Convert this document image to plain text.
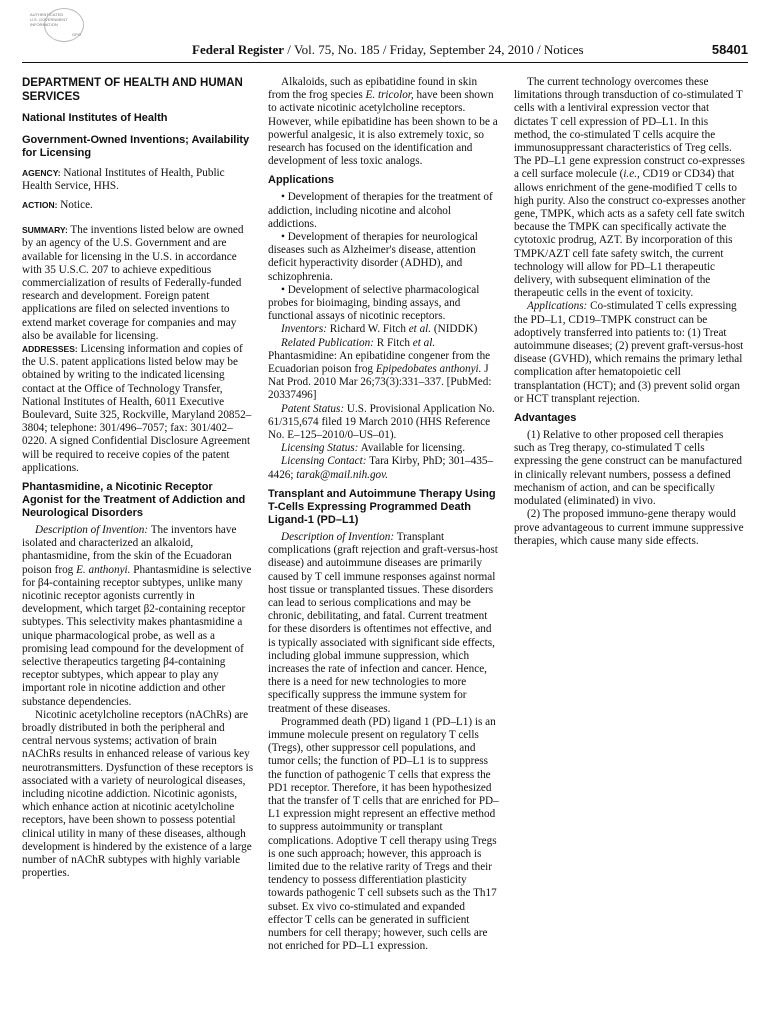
AUTHENTICATED
U.S. GOVERNMENT
INFORMATION
GPO
Federal Register / Vol. 75, No. 185 / Friday, September 24, 2010 / Notices	58401

DEPARTMENT OF HEALTH AND HUMAN SERVICES

National Institutes of Health

Government-Owned Inventions; Availability for Licensing

AGENCY: National Institutes of Health, Public Health Service, HHS.

ACTION: Notice.

SUMMARY: The inventions listed below are owned by an agency of the U.S. Government and are available for licensing in the U.S. in accordance with 35 U.S.C. 207 to achieve expeditious commercialization of results of Federally-funded research and development. Foreign patent applications are filed on selected inventions to extend market coverage for companies and may also be available for licensing.

ADDRESSES: Licensing information and copies of the U.S. patent applications listed below may be obtained by writing to the indicated licensing contact at the Office of Technology Transfer, National Institutes of Health, 6011 Executive Boulevard, Suite 325, Rockville, Maryland 20852–3804; telephone: 301/496–7057; fax: 301/402–0220. A signed Confidential Disclosure Agreement will be required to receive copies of the patent applications.

Phantasmidine, a Nicotinic Receptor Agonist for the Treatment of Addiction and Neurological Disorders

Description of Invention: The inventors have isolated and characterized an alkaloid, phantasmidine, from the skin of the Ecuadoran poison frog E. anthonyi. Phantasmidine is selective for β4-containing receptor subtypes, unlike many nicotinic receptor agonists currently in development, which target β2-containing receptor subtypes. This selectivity makes phantasmidine a unique pharmacological probe, as well as a promising lead compound for the development of selective therapeutics targeting β4-containing receptor subtypes, which appear to play any important role in nicotine addiction and other substance dependencies.

Nicotinic acetylcholine receptors (nAChRs) are broadly distributed in both the peripheral and central nervous systems; activation of brain nAChRs results in enhanced release of various key neurotransmitters. Dysfunction of these receptors is associated with a variety of neurological diseases, including nicotine addiction. Nicotinic agonists, which enhance action at nicotinic acetylcholine receptors, have been shown to possess potential clinical utility in many of these diseases, although development is hindered by the existence of a large number of nAChR subtypes with highly variable properties.

Alkaloids, such as epibatidine found in skin from the frog species E. tricolor, have been shown to activate nicotinic acetylcholine receptors. However, while epibatidine has been shown to be a powerful analgesic, it is also extremely toxic, so research has focused on the identification and development of less toxic analogs.

Applications

• Development of therapies for the treatment of addiction, including nicotine and alcohol addictions.

• Development of therapies for neurological diseases such as Alzheimer's disease, attention deficit hyperactivity disorder (ADHD), and schizophrenia.

• Development of selective pharmacological probes for bioimaging, binding assays, and functional assays of nicotinic receptors.

Inventors: Richard W. Fitch et al. (NIDDK)

Related Publication: R Fitch et al. Phantasmidine: An epibatidine congener from the Ecuadorian poison frog Epipedobates anthonyi. J Nat Prod. 2010 Mar 26;73(3):331–337. [PubMed: 20337496]

Patent Status: U.S. Provisional Application No. 61/315,674 filed 19 March 2010 (HHS Reference No. E–125–2010/0–US–01).

Licensing Status: Available for licensing.

Licensing Contact: Tara Kirby, PhD; 301–435–4426; tarak@mail.nih.gov.

Transplant and Autoimmune Therapy Using T-Cells Expressing Programmed Death Ligand-1 (PD–L1)

Description of Invention: Transplant complications (graft rejection and graft-versus-host disease) and autoimmune diseases are primarily caused by T cell immune responses against normal host tissue or transplanted tissues. These disorders can lead to serious complications and may be chronic, debilitating, and fatal. Current treatment for these disorders is oftentimes not effective, and is typically associated with significant side effects, including global immune suppression, which increases the rate of infection and cancer. Hence, there is a need for new technologies to more specifically suppress the immune system for treatment of these diseases.

Programmed death (PD) ligand 1 (PD–L1) is an immune molecule present on regulatory T cells (Tregs), other suppressor cell populations, and tumor cells; the function of PD–L1 is to suppress the function of pathogenic T cells that express the PD1 receptor. Therefore, it has been hypothesized that the transfer of T cells that are enriched for PD–L1 expression might represent an effective method to suppress autoimmunity or transplant complications. Adoptive T cell therapy using Tregs is one such approach; however, this approach is limited due to the relative rarity of Tregs and their tendency to possess differentiation plasticity towards pathogenic T cell subsets such as the Th17 subset. Ex vivo co-stimulated and expanded effector T cells can be generated in sufficient numbers for cell therapy; however, such cells are not enriched for PD–L1 expression.

The current technology overcomes these limitations through transduction of co-stimulated T cells with a lentiviral expression vector that dictates T cell expression of PD–L1. In this method, the co-stimulated T cells acquire the immunosuppressant characteristics of Treg cells. The PD–L1 gene expression construct co-expresses a cell surface molecule (i.e., CD19 or CD34) that allows enrichment of the gene-modified T cells to high purity. Also the construct co-expresses another gene, TMPK, which acts as a safety cell fate switch because the TMPK can specifically activate the cytotoxic prodrug, AZT. By incorporation of this TMPK/AZT cell fate safety switch, the current technology will allow for PD–L1 therapeutic delivery, with subsequent elimination of the therapeutic cells in the event of toxicity.

Applications: Co-stimulated T cells expressing the PD–L1, CD19–TMPK construct can be adoptively transferred into patients to: (1) Treat autoimmune diseases; (2) prevent graft-versus-host disease (GVHD), which remains the primary lethal complication after hematopoietic cell transplantation (HCT); and (3) prevent solid organ or HCT transplant rejection.

Advantages

(1) Relative to other proposed cell therapies such as Treg therapy, co-stimulated T cells expressing the gene construct can be manufactured in clinically relevant numbers, possess a defined mechanism of action, and can be specifically modulated (eliminated) in vivo.

(2) The proposed immuno-gene therapy would prove advantageous to current immune suppressive therapies, which cause many side effects.
